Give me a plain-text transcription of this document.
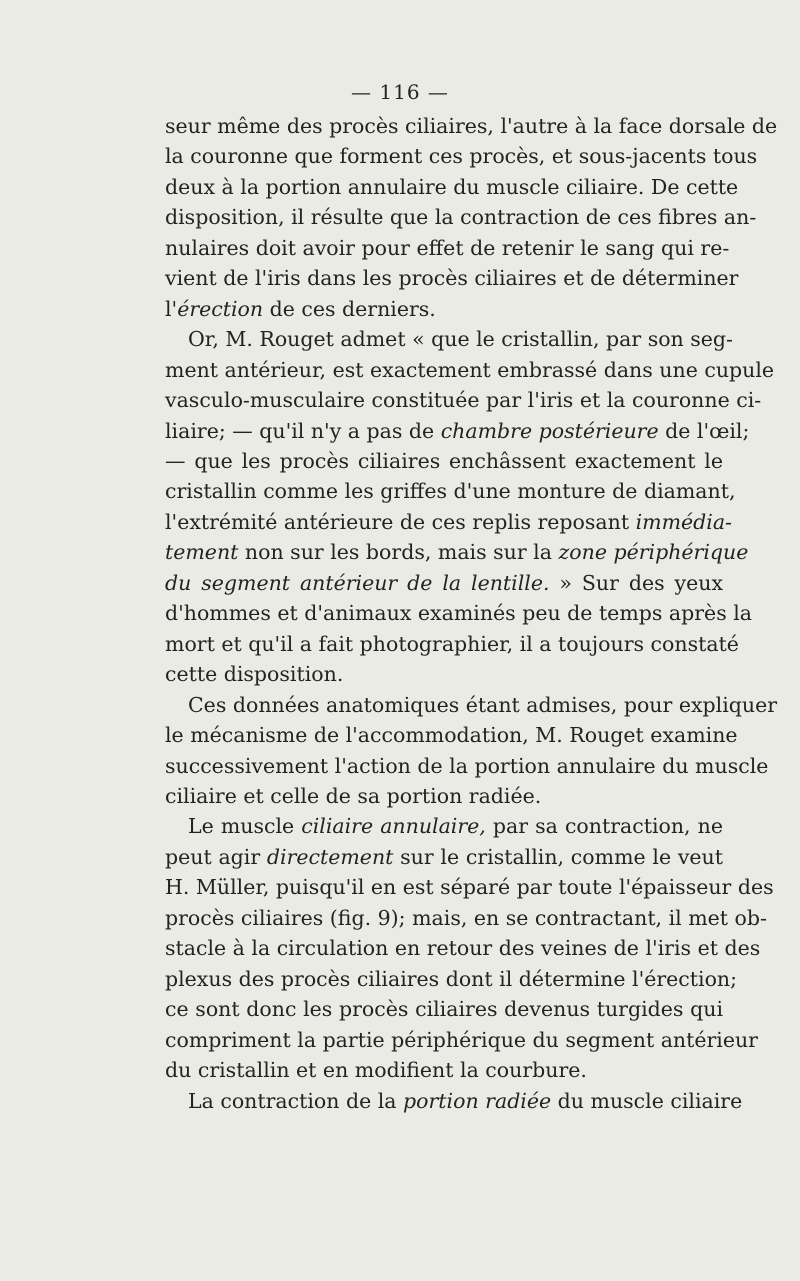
— 116 —
seur même des procès ciliaires, l'autre à la face dorsale de
la couronne que forment ces procès, et sous-jacents tous
deux à la portion annulaire du muscle ciliaire. De cette
disposition, il résulte que la contraction de ces fibres an-
nulaires doit avoir pour effet de retenir le sang qui re-
vient de l'iris dans les procès ciliaires et de déterminer
l'érection de ces derniers.
Or, M. Rouget admet « que le cristallin, par son seg-
ment antérieur, est exactement embrassé dans une cupule
vasculo-musculaire constituée par l'iris et la couronne ci-
liaire; — qu'il n'y a pas de chambre postérieure de l'œil;
— que les procès ciliaires enchâssent exactement le
cristallin comme les griffes d'une monture de diamant,
l'extrémité antérieure de ces replis reposant immédia-
tement non sur les bords, mais sur la zone périphérique
du segment antérieur de la lentille. » Sur des yeux
d'hommes et d'animaux examinés peu de temps après la
mort et qu'il a fait photographier, il a toujours constaté
cette disposition.
Ces données anatomiques étant admises, pour expliquer
le mécanisme de l'accommodation, M. Rouget examine
successivement l'action de la portion annulaire du muscle
ciliaire et celle de sa portion radiée.
Le muscle ciliaire annulaire, par sa contraction, ne
peut agir directement sur le cristallin, comme le veut
H. Müller, puisqu'il en est séparé par toute l'épaisseur des
procès ciliaires (fig. 9); mais, en se contractant, il met ob-
stacle à la circulation en retour des veines de l'iris et des
plexus des procès ciliaires dont il détermine l'érection;
ce sont donc les procès ciliaires devenus turgides qui
compriment la partie périphérique du segment antérieur
du cristallin et en modifient la courbure.
La contraction de la portion radiée du muscle ciliaire
